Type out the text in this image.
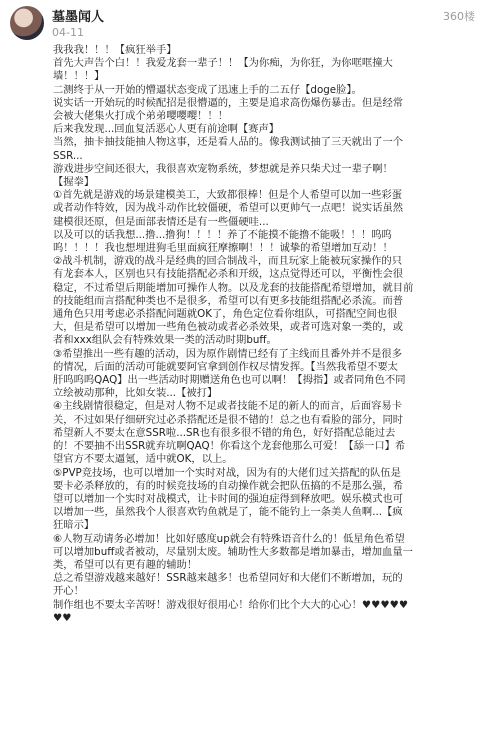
墓墨闻人
04-11
360楼

我我我！！！【疯狂举手】

首先大声告个白！！我爱龙套一辈子！！【为你痴，为你狂，为你哐哐撞大

墙！！！】

二测终于从一开始的懵逼状态变成了迅速上手的二五仔【doge脸】。

说实话一开始玩的时候配招是很懵逼的，主要是追求高伤爆伤暴击。但是经常

会被大佬集火打成个弟弟嘤嘤嘤！！！

后来我发现...回血复活恶心人更有前途啊【赛声】

当然，抽卡抽技能抽人物这事，还是看人品的。像我测试抽了三天就出了一个

SSR...

游戏进步空间还很大，我很喜欢宠物系统，梦想就是养只柴犬过一辈子啊！

【握拳】

①首先就是游戏的场景建模美工，大致都很棒！但是个人希望可以加一些彩蛋

或者动作特效，因为战斗动作比较僵硬，希望可以更帅气一点吧！说实话虽然

建模很还原，但是面部表情还是有一些僵硬哇...

以及可以的话我想...撸...撸狗！！！！养了不能摸不能撸不能吸！！！呜呜

呜！！！！我也想埋进狗毛里面疯狂摩擦啊！！！诚挚的希望增加互动！！

②战斗机制，游戏的战斗是经典的回合制战斗，而且玩家上能被玩家操作的只

有龙套本人，区别也只有技能搭配必杀和开级，这点觉得还可以，平衡性会很

稳定，不过希望后期能增加可操作人物。以及龙套的技能搭配希望增加，就目前

的技能组而言搭配种类也不是很多，希望可以有更多技能组搭配必杀流。而普

通角色只用考虑必杀搭配问题就OK了，角色定位看你组队，可搭配空间也很

大，但是希望可以增加一些角色被动或者必杀效果，或者可选对象一类的，或

者和xxx组队会有特殊效果一类的活动时期buff。

③希望推出一些有趣的活动，因为原作剧情已经有了主线而且番外并不是很多

的情况，后面的活动可能就要阿官拿到创作权尽情发挥。【当然我希望不要太

肝呜呜呜QAQ】出一些活动时期赠送角色也可以啊！【拇指】或者同角色不同

立绘被动那种，比如女装...【被打】

④主线剧情很稳定，但是对人物不足或者技能不足的新人的而言，后面容易卡

关，不过如果仔细研究过必杀搭配还是很不错的！总之也有看脸的部分，同时

希望新人不要太在意SSR啦...SR也有很多很不错的角色，好好搭配总能过去

的！不要抽不出SSR就弃坑啊QAQ！你看这个龙套他那么可爱！【舔一口】希

望官方不要太逼氪，适中就OK，以上。

⑤PVP竞技场，也可以增加一个实时对战，因为有的大佬们过关搭配的队伍是

要卡必杀释放的，有的时候竞技场的自动操作就会把队伍搞的不是那么强，希

望可以增加一个实时对战模式，让卡时间的强迫症得到释放吧。娱乐模式也可

以增加一些，虽然我个人很喜欢钓鱼就是了，能不能钓上一条美人鱼啊...【疯

狂暗示】

⑥人物互动请务必增加！比如好感度up就会有特殊语音什么的！低星角色希望

可以增加buff或者被动，尽量别太废。辅助性大多数都是增加暴击，增加血量一

类，希望可以有更有趣的辅助！

总之希望游戏越来越好！SSR越来越多！也希望同好和大佬们不断增加，玩的

开心！

制作组也不要太辛苦呀！游戏很好很用心！给你们比个大大的心心！♥♥♥♥♥

♥♥
